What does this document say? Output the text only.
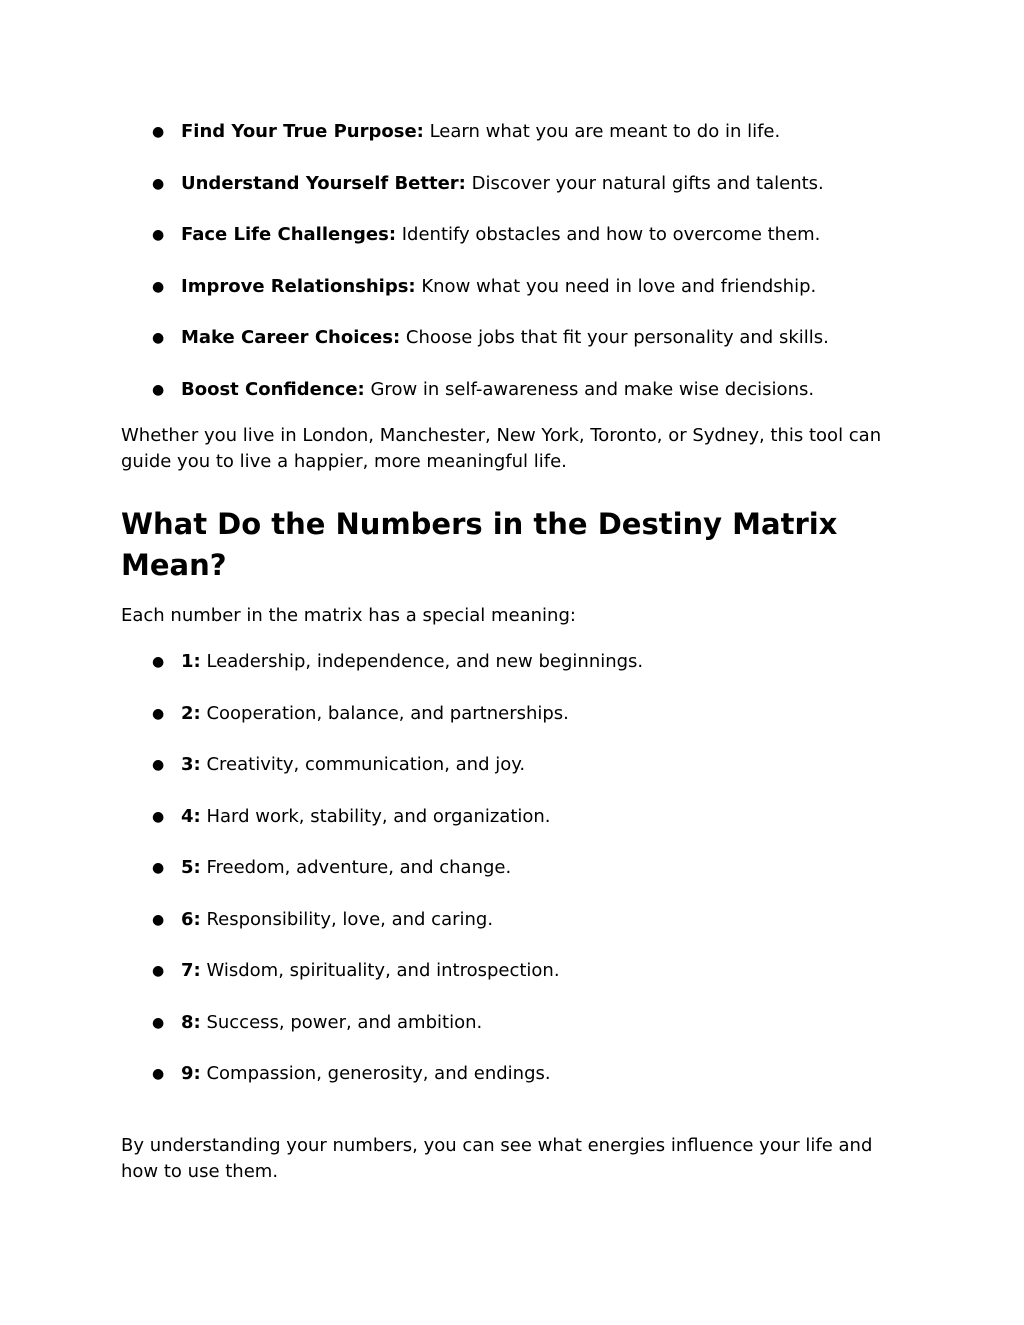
● Find Your True Purpose: Learn what you are meant to do in life.
● Understand Yourself Better: Discover your natural gifts and talents.
● Face Life Challenges: Identify obstacles and how to overcome them.
● Improve Relationships: Know what you need in love and friendship.
● Make Career Choices: Choose jobs that fit your personality and skills.
● Boost Confidence: Grow in self-awareness and make wise decisions.

Whether you live in London, Manchester, New York, Toronto, or Sydney, this tool can guide you to live a happier, more meaningful life.

What Do the Numbers in the Destiny Matrix Mean?

Each number in the matrix has a special meaning:

● 1: Leadership, independence, and new beginnings.
● 2: Cooperation, balance, and partnerships.
● 3: Creativity, communication, and joy.
● 4: Hard work, stability, and organization.
● 5: Freedom, adventure, and change.
● 6: Responsibility, love, and caring.
● 7: Wisdom, spirituality, and introspection.
● 8: Success, power, and ambition.
● 9: Compassion, generosity, and endings.

By understanding your numbers, you can see what energies influence your life and how to use them.
